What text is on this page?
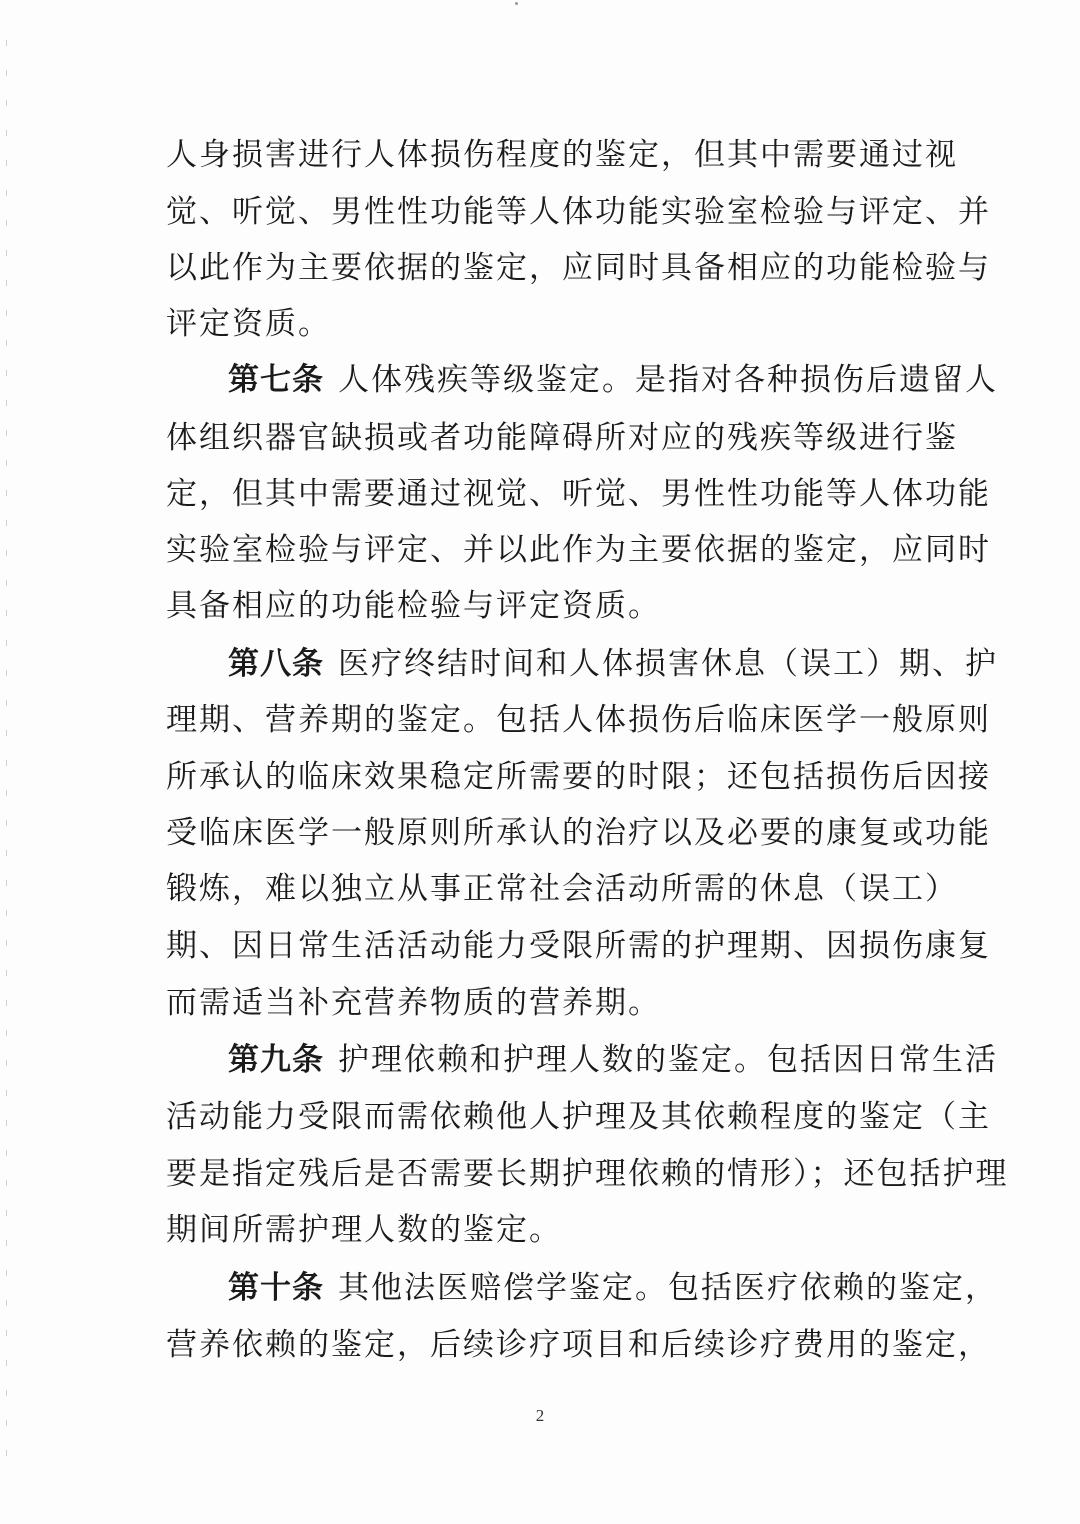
人身损害进行人体损伤程度的鉴定，但其中需要通过视
觉、听觉、男性性功能等人体功能实验室检验与评定、并
以此作为主要依据的鉴定，应同时具备相应的功能检验与
评定资质。
第七条 人体残疾等级鉴定。是指对各种损伤后遗留人
体组织器官缺损或者功能障碍所对应的残疾等级进行鉴
定，但其中需要通过视觉、听觉、男性性功能等人体功能
实验室检验与评定、并以此作为主要依据的鉴定，应同时
具备相应的功能检验与评定资质。
第八条 医疗终结时间和人体损害休息（误工）期、护
理期、营养期的鉴定。包括人体损伤后临床医学一般原则
所承认的临床效果稳定所需要的时限；还包括损伤后因接
受临床医学一般原则所承认的治疗以及必要的康复或功能
锻炼，难以独立从事正常社会活动所需的休息（误工）
期、因日常生活活动能力受限所需的护理期、因损伤康复
而需适当补充营养物质的营养期。
第九条 护理依赖和护理人数的鉴定。包括因日常生活
活动能力受限而需依赖他人护理及其依赖程度的鉴定（主
要是指定残后是否需要长期护理依赖的情形）；还包括护理
期间所需护理人数的鉴定。
第十条 其他法医赔偿学鉴定。包括医疗依赖的鉴定，
营养依赖的鉴定，后续诊疗项目和后续诊疗费用的鉴定，
2
